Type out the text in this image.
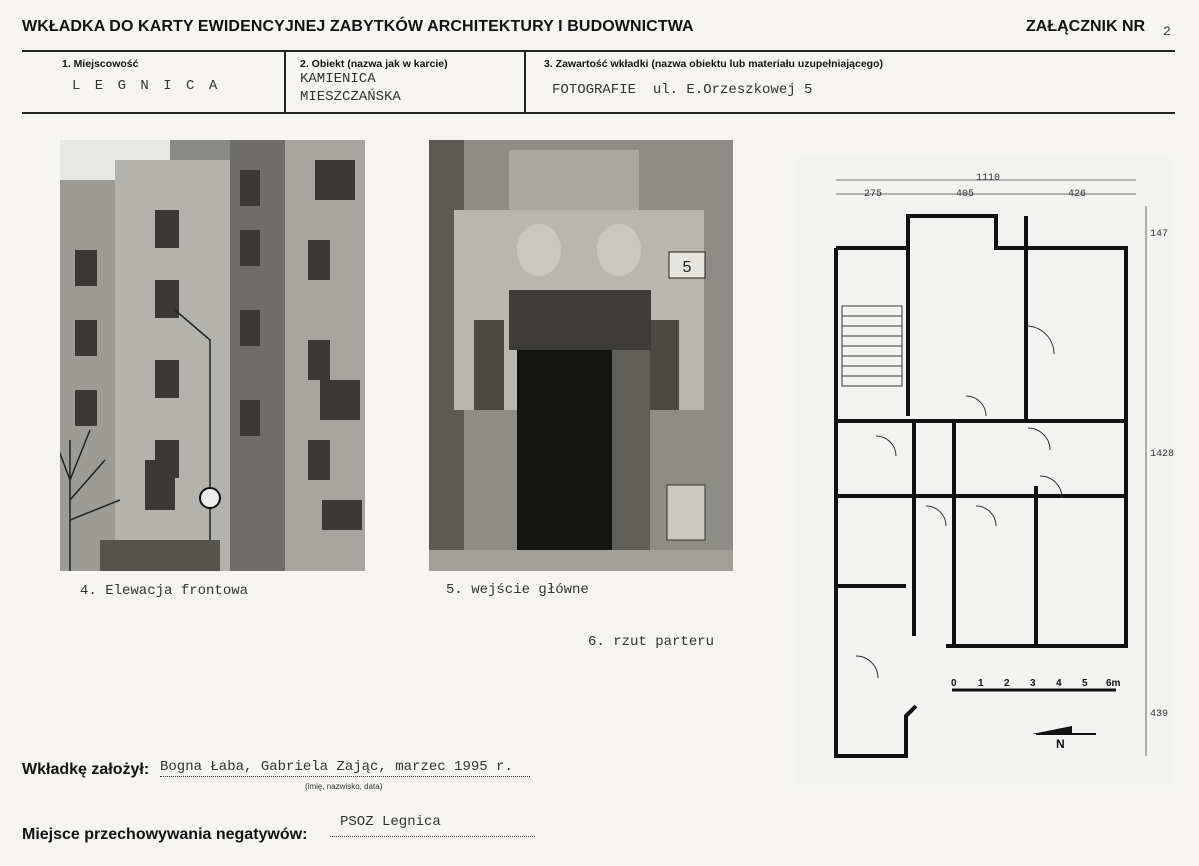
WKŁADKA DO KARTY EWIDENCYJNEJ ZABYTKÓW ARCHITEKTURY I BUDOWNICTWA	ZAŁĄCZNIK NR 2
1. Miejscowość
L E G N I C A
2. Obiekt (nazwa jak w karcie)
KAMIENICA
MIESZCZAŃSKA
3. Zawartość wkładki (nazwa obiektu lub materiału uzupełniającego)
FOTOGRAFIE  ul. E.Orzeszkowej 5
4. Elewacja frontowa
5
5. wejście główne
6. rzut parteru
1110
275	405	426
147
1428
439
0 1 2 3 4 5 6m
N
Wkładkę założył: Bogna Łaba, Gabriela Zając, marzec 1995 r.
(imię, nazwisko, data)
Miejsce przechowywania negatywów:
PSOZ Legnica
